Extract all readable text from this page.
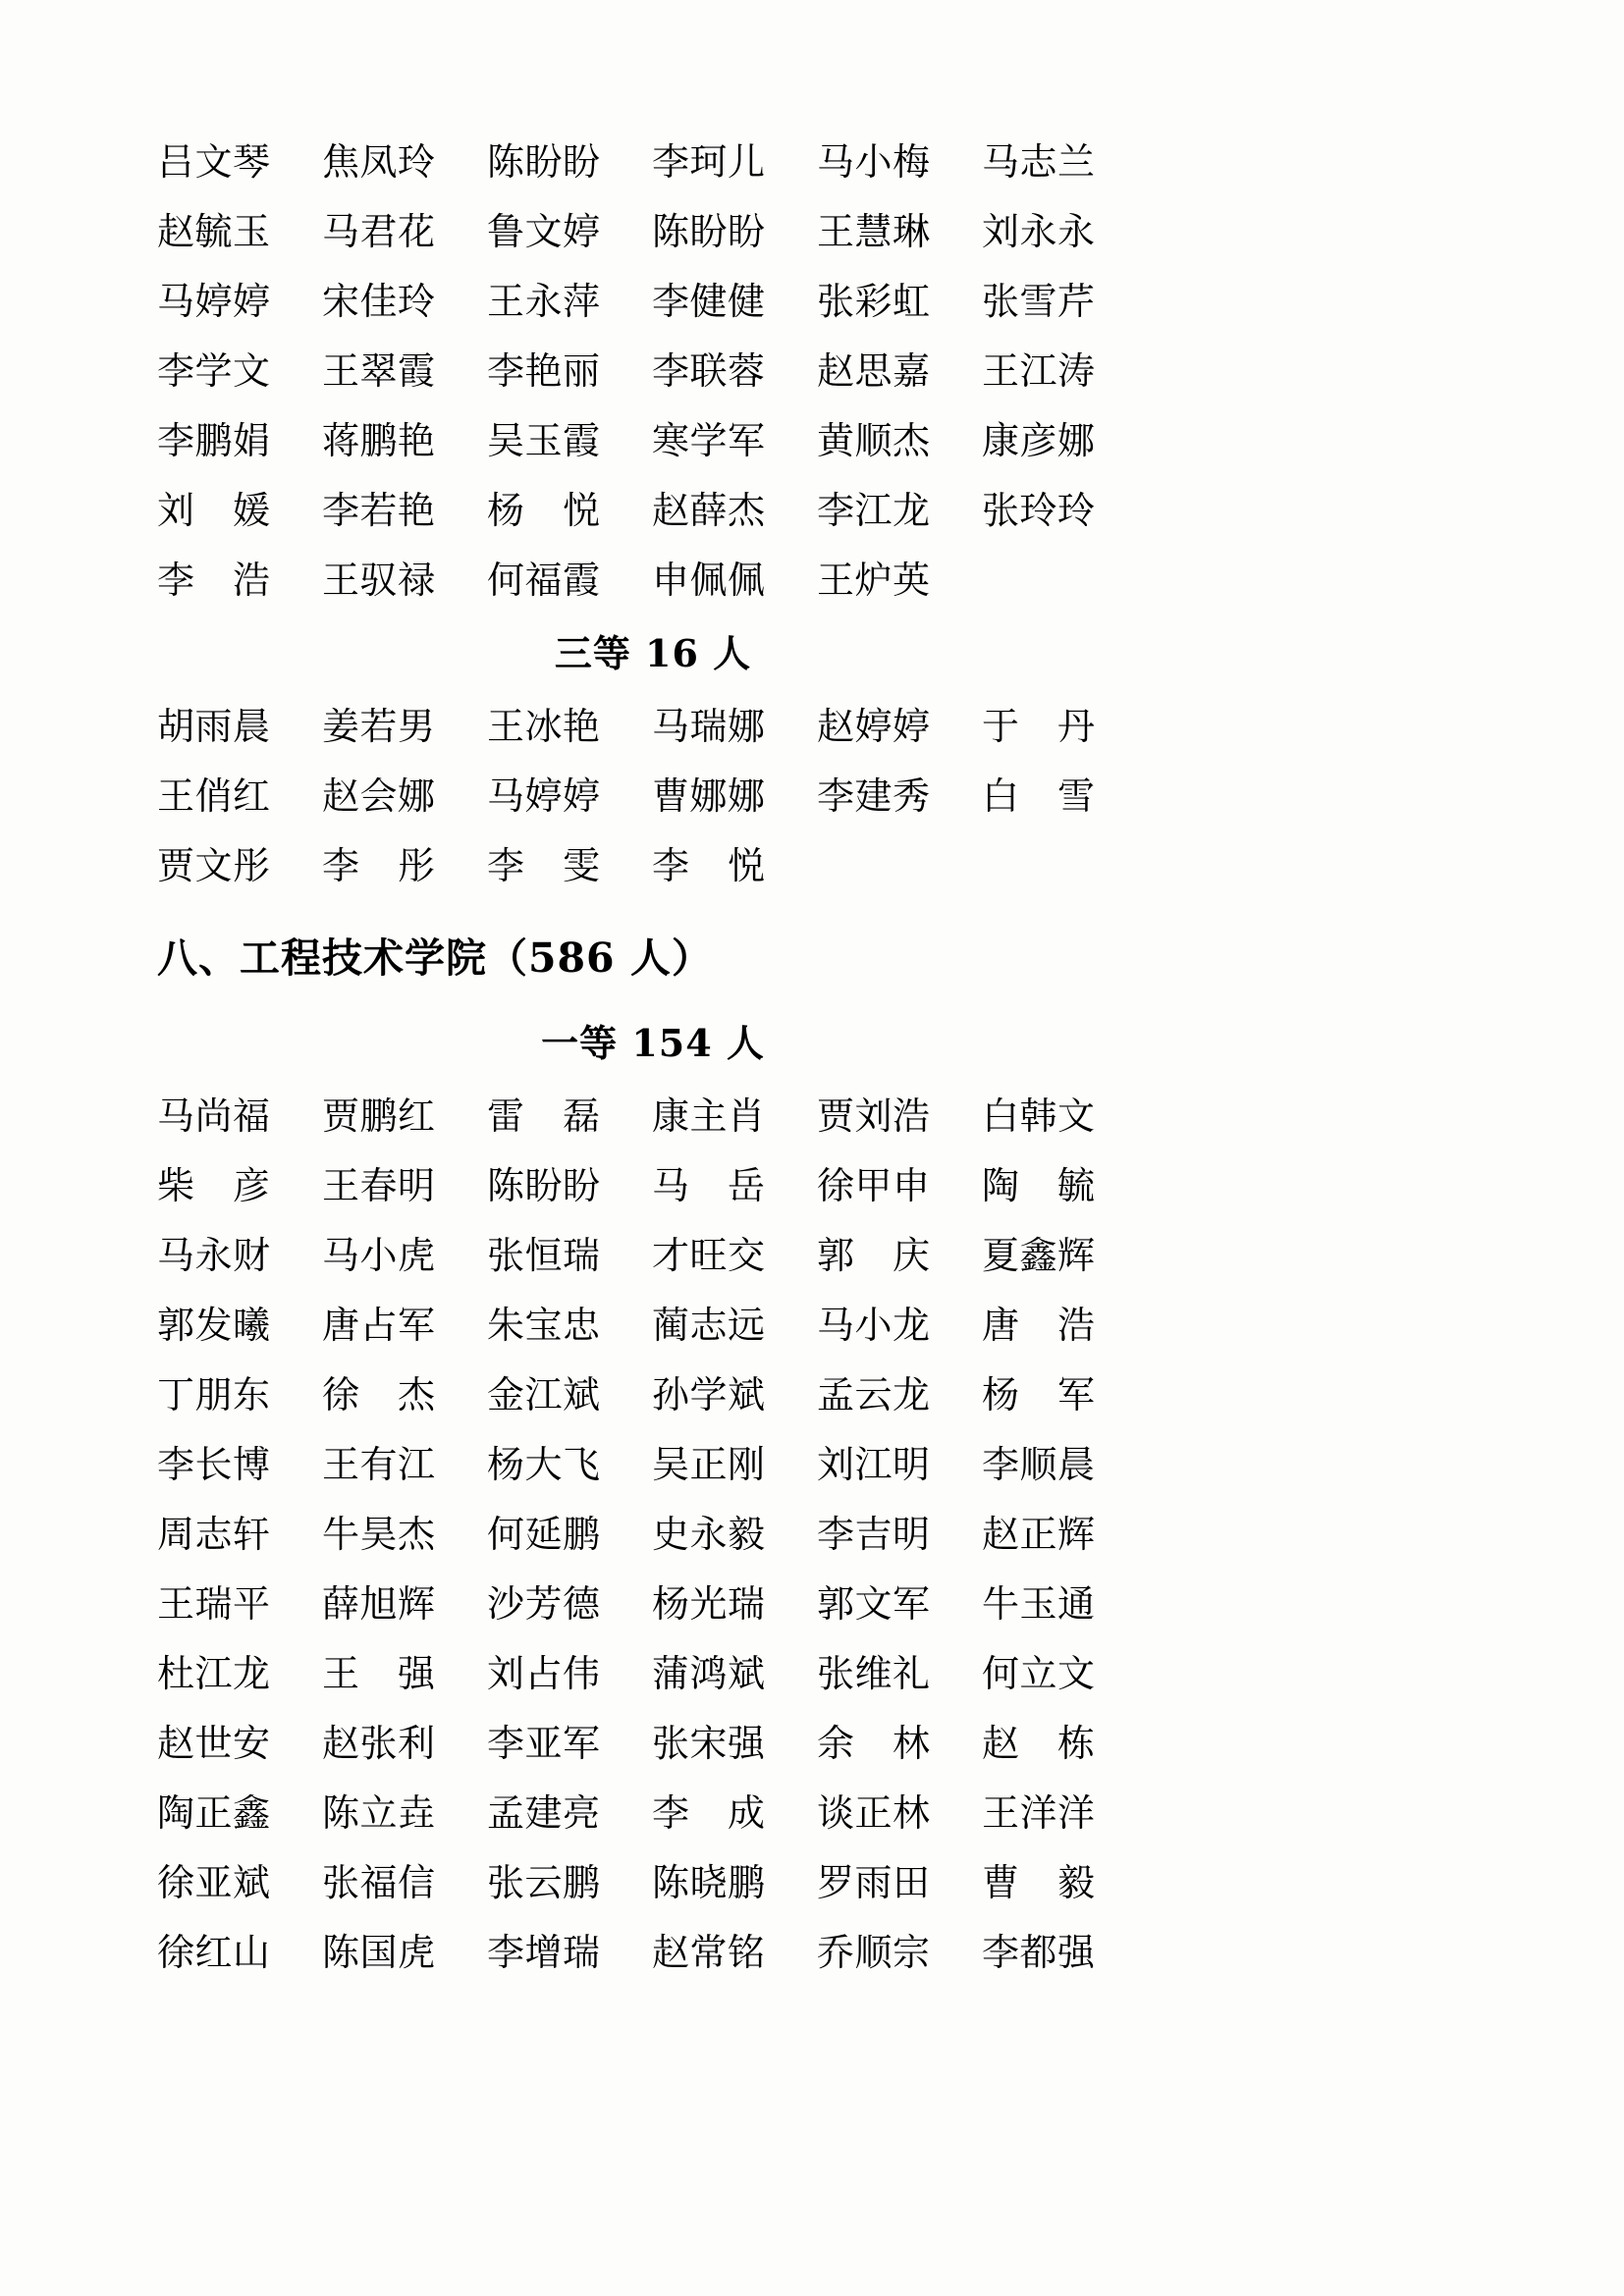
吕文琴	焦凤玲	陈盼盼	李珂儿	马小梅	马志兰
赵毓玉	马君花	鲁文婷	陈盼盼	王慧琳	刘永永
马婷婷	宋佳玲	王永萍	李健健	张彩虹	张雪芹
李学文	王翠霞	李艳丽	李联蓉	赵思嘉	王江涛
李鹏娟	蒋鹏艳	吴玉霞	寒学军	黄顺杰	康彦娜
刘　媛	李若艳	杨　悦	赵薛杰	李江龙	张玲玲
李　浩	王驭禄	何福霞	申佩佩	王炉英
三等 16 人
胡雨晨	姜若男	王冰艳	马瑞娜	赵婷婷	于　丹
王俏红	赵会娜	马婷婷	曹娜娜	李建秀	白　雪
贾文彤	李　彤	李　雯	李　悦
八、工程技术学院（586 人）
一等 154 人
马尚福	贾鹏红	雷　磊	康主肖	贾刘浩	白韩文
柴　彦	王春明	陈盼盼	马　岳	徐甲申	陶　毓
马永财	马小虎	张恒瑞	才旺交	郭　庆	夏鑫辉
郭发曦	唐占军	朱宝忠	蔺志远	马小龙	唐　浩
丁朋东	徐　杰	金江斌	孙学斌	孟云龙	杨　军
李长博	王有江	杨大飞	吴正刚	刘江明	李顺晨
周志轩	牛昊杰	何延鹏	史永毅	李吉明	赵正辉
王瑞平	薛旭辉	沙芳德	杨光瑞	郭文军	牛玉通
杜江龙	王　强	刘占伟	蒲鸿斌	张维礼	何立文
赵世安	赵张利	李亚军	张宋强	余　林	赵　栋
陶正鑫	陈立垚	孟建亮	李　成	谈正林	王洋洋
徐亚斌	张福信	张云鹏	陈晓鹏	罗雨田	曹　毅
徐红山	陈国虎	李增瑞	赵常铭	乔顺宗	李都强
